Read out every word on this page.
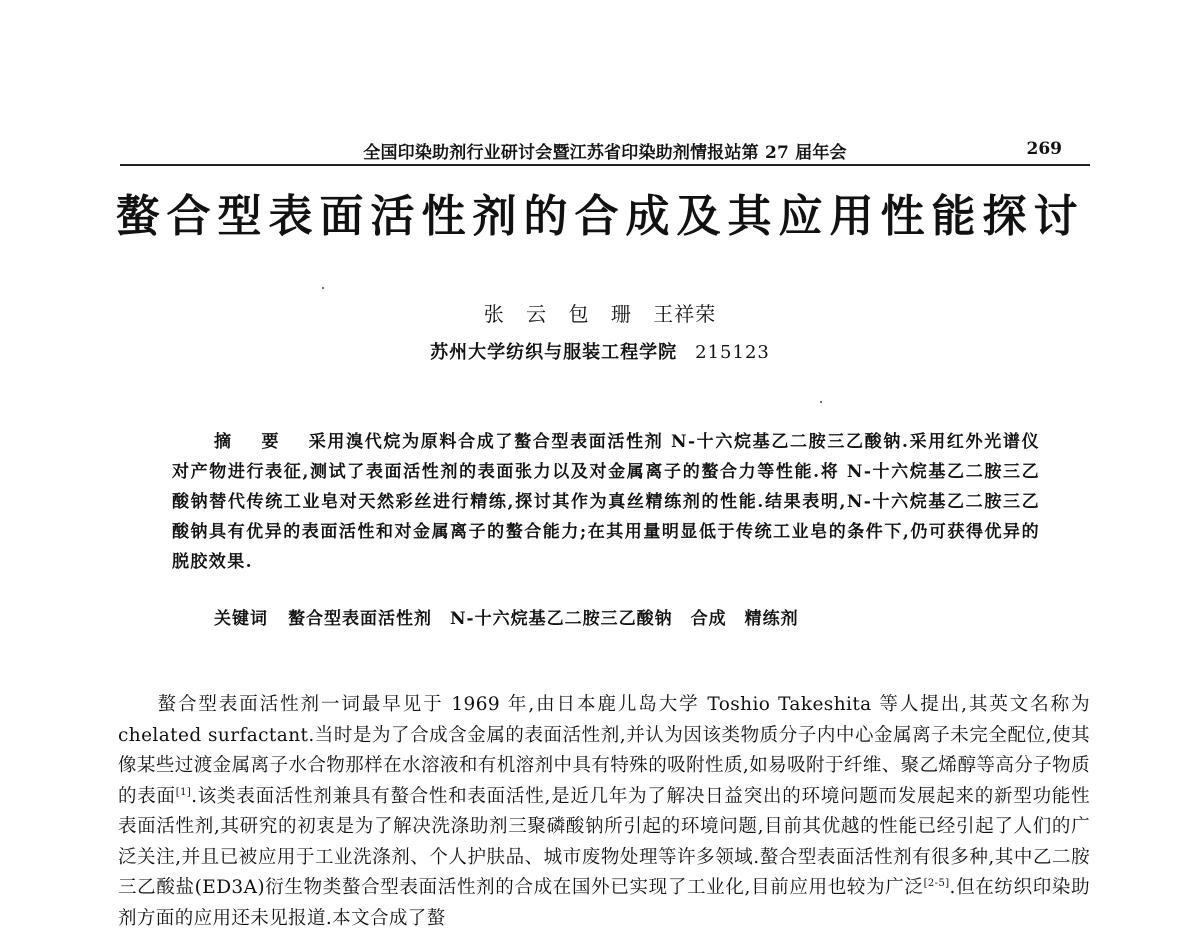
全国印染助剂行业研讨会暨江苏省印染助剂情报站第 27 届年会	269
螯合型表面活性剂的合成及其应用性能探讨
张 云 包 珊 王祥荣
苏州大学纺织与服装工程学院 215123
摘 要 采用溴代烷为原料合成了螯合型表面活性剂 N-十六烷基乙二胺三乙酸钠.采用红外光谱仪对产物进行表征,测试了表面活性剂的表面张力以及对金属离子的螯合力等性能.将 N-十六烷基乙二胺三乙酸钠替代传统工业皂对天然彩丝进行精练,探讨其作为真丝精练剂的性能.结果表明,N-十六烷基乙二胺三乙酸钠具有优异的表面活性和对金属离子的螯合能力;在其用量明显低于传统工业皂的条件下,仍可获得优异的脱胶效果.
关键词 螯合型表面活性剂　N-十六烷基乙二胺三乙酸钠　合成　精练剂
螯合型表面活性剂一词最早见于 1969 年,由日本鹿儿岛大学 Toshio Takeshita 等人提出,其英文名称为 chelated surfactant.当时是为了合成含金属的表面活性剂,并认为因该类物质分子内中心金属离子未完全配位,使其像某些过渡金属离子水合物那样在水溶液和有机溶剂中具有特殊的吸附性质,如易吸附于纤维、聚乙烯醇等高分子物质的表面[1].该类表面活性剂兼具有螯合性和表面活性,是近几年为了解决日益突出的环境问题而发展起来的新型功能性表面活性剂,其研究的初衷是为了解决洗涤助剂三聚磷酸钠所引起的环境问题,目前其优越的性能已经引起了人们的广泛关注,并且已被应用于工业洗涤剂、个人护肤品、城市废物处理等许多领域.螯合型表面活性剂有很多种,其中乙二胺三乙酸盐(ED3A)衍生物类螯合型表面活性剂的合成在国外已实现了工业化,目前应用也较为广泛[2-5].但在纺织印染助剂方面的应用还未见报道.本文合成了螯
